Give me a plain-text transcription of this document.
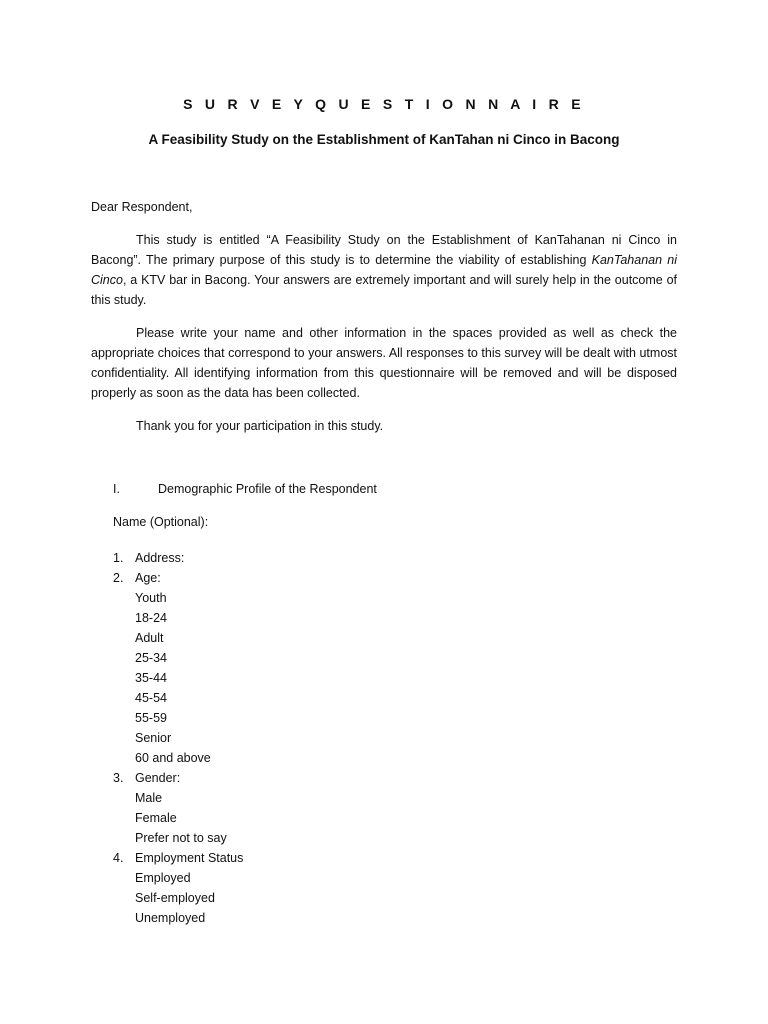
S U R V E Y Q U E S T I O N N A I R E
A Feasibility Study on the Establishment of KanTahan ni Cinco in Bacong
Dear Respondent,
This study is entitled “A Feasibility Study on the Establishment of KanTahanan ni Cinco in Bacong”. The primary purpose of this study is to determine the viability of establishing KanTahanan ni Cinco, a KTV bar in Bacong. Your answers are extremely important and will surely help in the outcome of this study.
Please write your name and other information in the spaces provided as well as check the appropriate choices that correspond to your answers. All responses to this survey will be dealt with utmost confidentiality. All identifying information from this questionnaire will be removed and will be disposed properly as soon as the data has been collected.
Thank you for your participation in this study.
I.	Demographic Profile of the Respondent
Name (Optional):
1. Address:
2. Age:
Youth
18-24
Adult
25-34
35-44
45-54
55-59
Senior
60 and above
3. Gender:
Male
Female
Prefer not to say
4. Employment Status
Employed
Self-employed
Unemployed
